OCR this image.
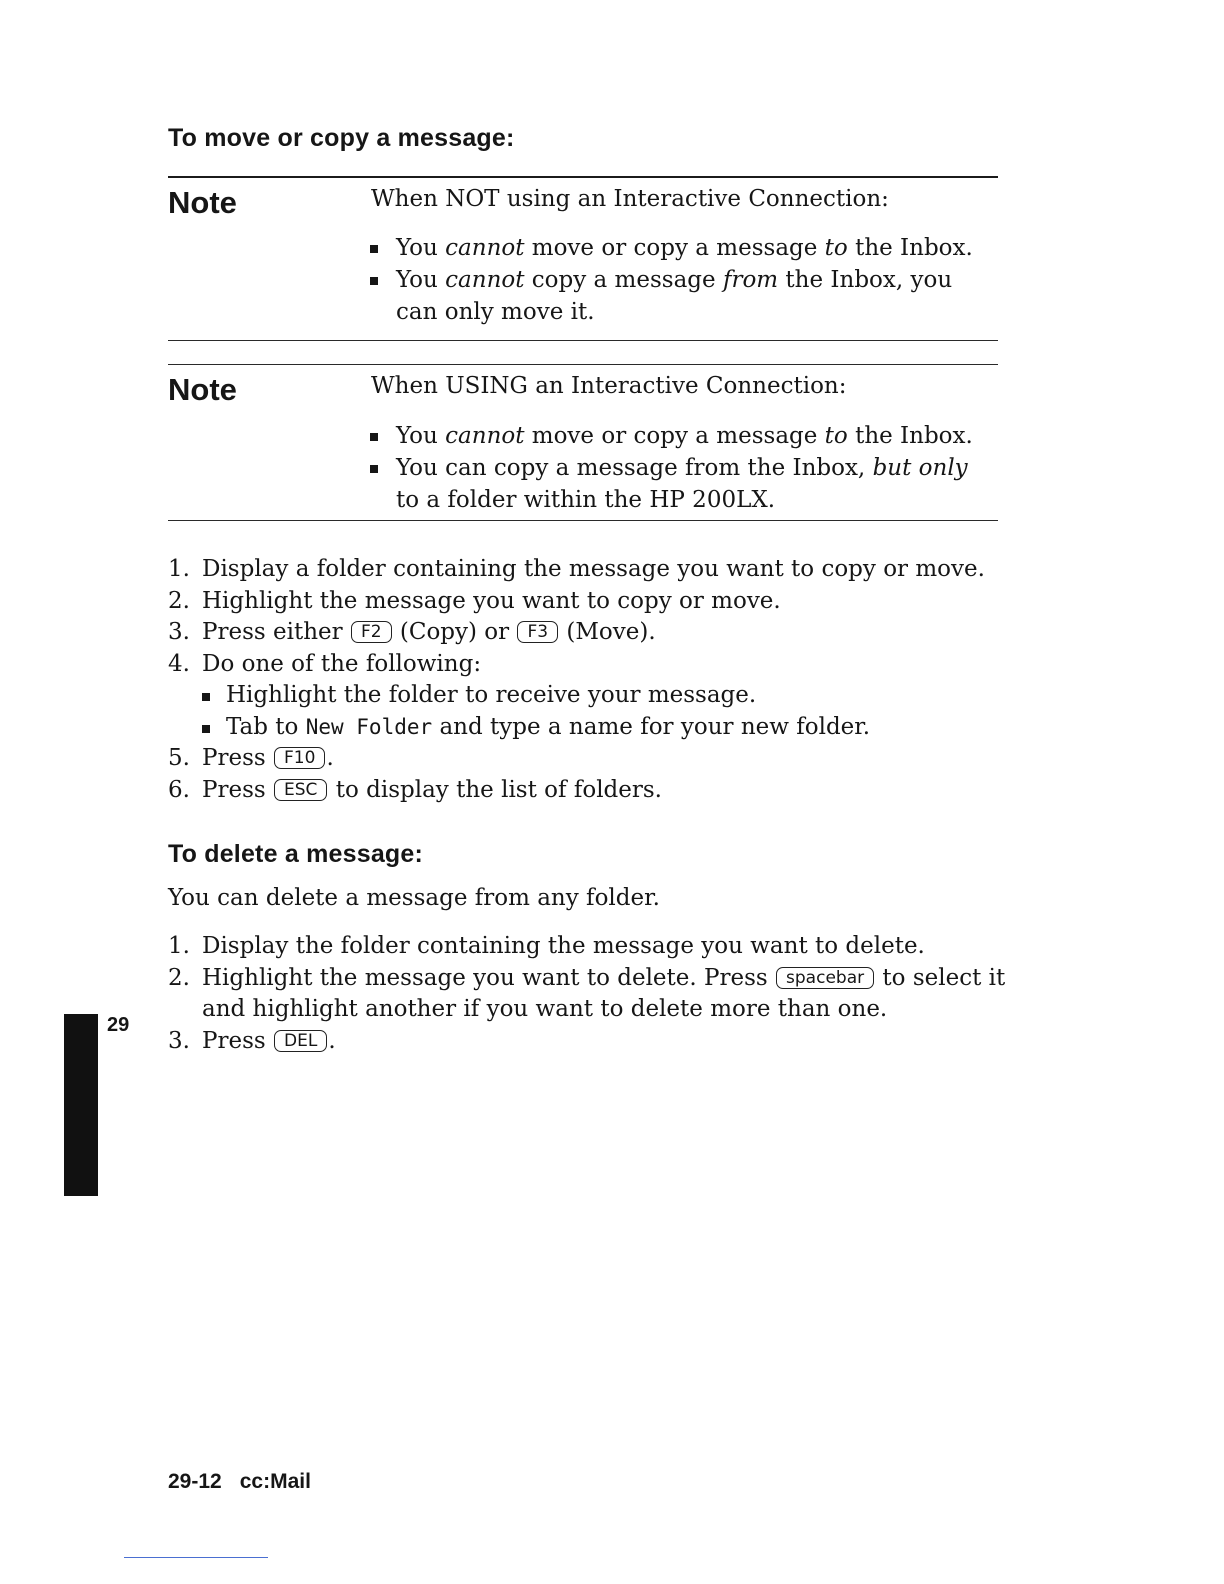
To move or copy a message:
Note	When NOT using an Interactive Connection:
You cannot move or copy a message to the Inbox.
You cannot copy a message from the Inbox, you can only move it.
Note	When USING an Interactive Connection:
You cannot move or copy a message to the Inbox.
You can copy a message from the Inbox, but only to a folder within the HP 200LX.
1. Display a folder containing the message you want to copy or move.
2. Highlight the message you want to copy or move.
3. Press either F2 (Copy) or F3 (Move).
4. Do one of the following:
Highlight the folder to receive your message.
Tab to New Folder and type a name for your new folder.
5. Press F10 .
6. Press ESC to display the list of folders.
To delete a message:
You can delete a message from any folder.
1. Display the folder containing the message you want to delete.
2. Highlight the message you want to delete. Press spacebar to select it and highlight another if you want to delete more than one.
3. Press DEL .
29
29-12 cc:Mail
